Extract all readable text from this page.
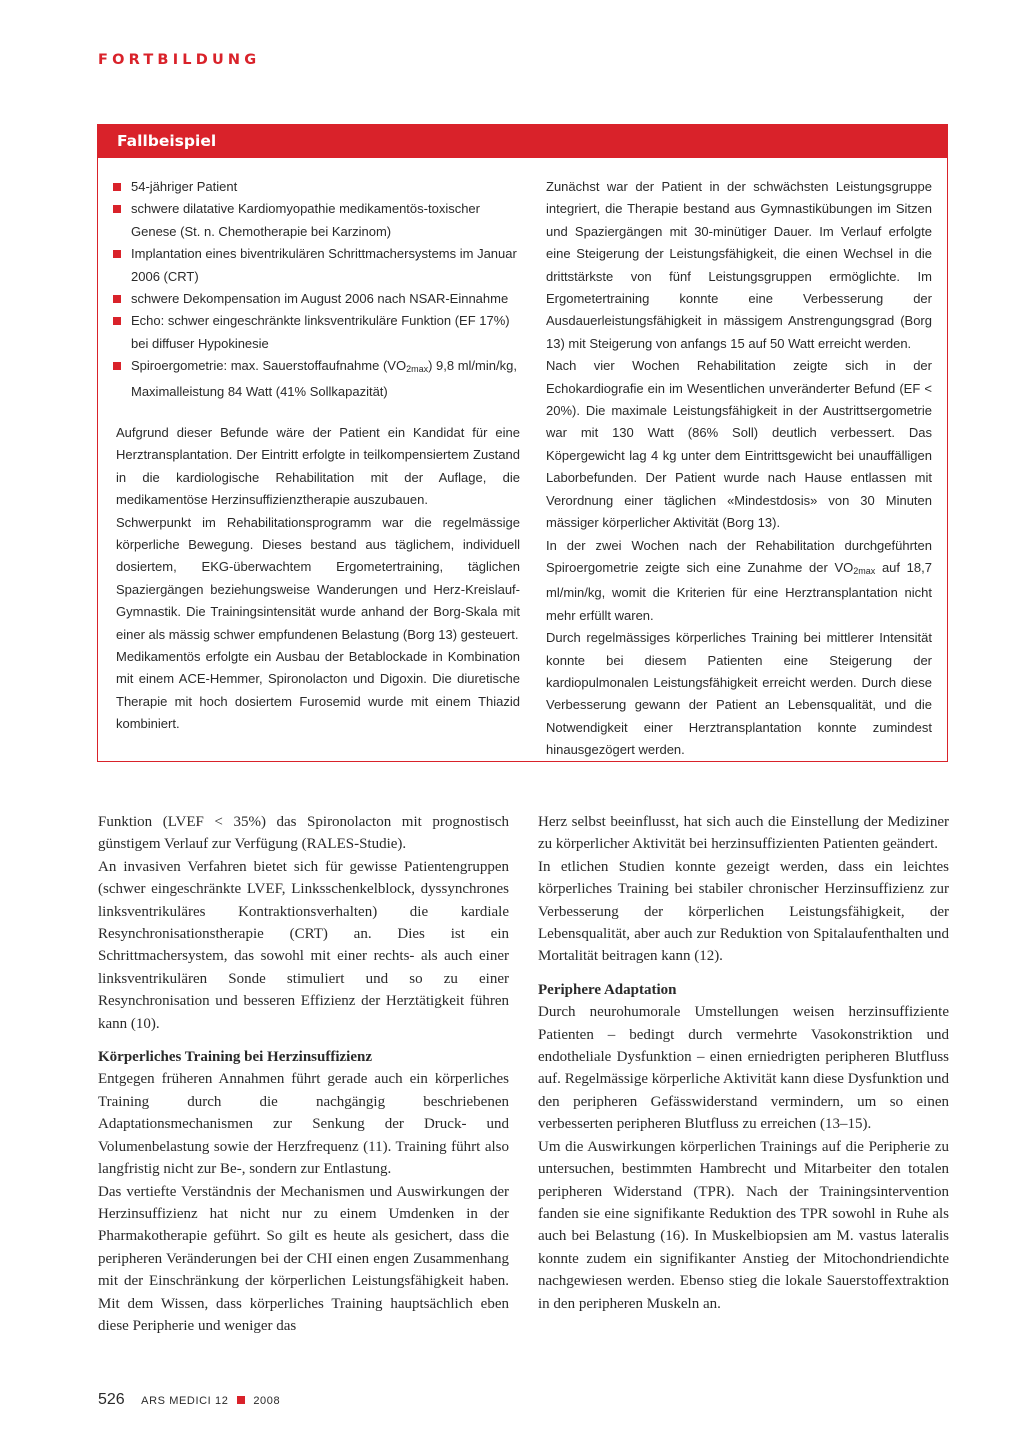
FORTBILDUNG
Fallbeispiel
54-jähriger Patient
schwere dilatative Kardiomyopathie medikamentös-toxischer Genese (St. n. Chemotherapie bei Karzinom)
Implantation eines biventrikulären Schrittmachersystems im Januar 2006 (CRT)
schwere Dekompensation im August 2006 nach NSAR-Einnahme
Echo: schwer eingeschränkte linksventrikuläre Funktion (EF 17%) bei diffuser Hypokinesie
Spiroergometrie: max. Sauerstoffaufnahme $(VO_{2max})$ 9,8 ml/min/kg, Maximalleistung 84 Watt (41% Sollkapazität)

Aufgrund dieser Befunde wäre der Patient ein Kandidat für eine Herztransplantation. Der Eintritt erfolgte in teilkompensiertem Zustand in die kardiologische Rehabilitation mit der Auflage, die medikamentöse Herzinsuffizienztherapie auszubauen.

Schwerpunkt im Rehabilitationsprogramm war die regelmässige körperliche Bewegung. Dieses bestand aus täglichem, individuell dosiertem, EKG-überwachtem Ergometertraining, täglichen Spaziergängen beziehungsweise Wanderungen und Herz-Kreislauf-Gymnastik. Die Trainingsintensität wurde anhand der Borg-Skala mit einer als mässig schwer empfundenen Belastung (Borg 13) gesteuert.

Medikamentös erfolgte ein Ausbau der Betablockade in Kombination mit einem ACE-Hemmer, Spironolacton und Digoxin. Die diuretische Therapie mit hoch dosiertem Furosemid wurde mit einem Thiazid kombiniert.

Zunächst war der Patient in der schwächsten Leistungsgruppe integriert, die Therapie bestand aus Gymnastikübungen im Sitzen und Spaziergängen mit 30-minütiger Dauer. Im Verlauf erfolgte eine Steigerung der Leistungsfähigkeit, die einen Wechsel in die drittstärkste von fünf Leistungsgruppen ermöglichte. Im Ergometertraining konnte eine Verbesserung der Ausdauerleistungsfähigkeit in mässigem Anstrengungsgrad (Borg 13) mit Steigerung von anfangs 15 auf 50 Watt erreicht werden.

Nach vier Wochen Rehabilitation zeigte sich in der Echokardiografie ein im Wesentlichen unveränderter Befund (EF < 20%). Die maximale Leistungsfähigkeit in der Austrittsergometrie war mit 130 Watt (86% Soll) deutlich verbessert. Das Köpergewicht lag 4 kg unter dem Eintrittsgewicht bei unauffälligen Laborbefunden. Der Patient wurde nach Hause entlassen mit Verordnung einer täglichen «Mindestdosis» von 30 Minuten mässiger körperlicher Aktivität (Borg 13).

In der zwei Wochen nach der Rehabilitation durchgeführten Spiroergometrie zeigte sich eine Zunahme der $VO_{2max}$ auf 18,7 ml/min/kg, womit die Kriterien für eine Herztransplantation nicht mehr erfüllt waren.

Durch regelmässiges körperliches Training bei mittlerer Intensität konnte bei diesem Patienten eine Steigerung der kardiopulmonalen Leistungsfähigkeit erreicht werden. Durch diese Verbesserung gewann der Patient an Lebensqualität, und die Notwendigkeit einer Herztransplantation konnte zumindest hinausgezögert werden.

Funktion (LVEF < 35%) das Spironolacton mit prognostisch günstigem Verlauf zur Verfügung (RALES-Studie).

An invasiven Verfahren bietet sich für gewisse Patientengruppen (schwer eingeschränkte LVEF, Linksschenkelblock, dyssynchrones linksventrikuläres Kontraktionsverhalten) die kardiale Resynchronisationstherapie (CRT) an. Dies ist ein Schrittmachersystem, das sowohl mit einer rechts- als auch einer linksventrikulären Sonde stimuliert und so zu einer Resynchronisation und besseren Effizienz der Herztätigkeit führen kann (10).

Körperliches Training bei Herzinsuffizienz

Entgegen früheren Annahmen führt gerade auch ein körperliches Training durch die nachgängig beschriebenen Adaptationsmechanismen zur Senkung der Druck- und Volumenbelastung sowie der Herzfrequenz (11). Training führt also langfristig nicht zur Be-, sondern zur Entlastung.

Das vertiefte Verständnis der Mechanismen und Auswirkungen der Herzinsuffizienz hat nicht nur zu einem Umdenken in der Pharmakotherapie geführt. So gilt es heute als gesichert, dass die peripheren Veränderungen bei der CHI einen engen Zusammenhang mit der Einschränkung der körperlichen Leistungsfähigkeit haben. Mit dem Wissen, dass körperliches Training hauptsächlich eben diese Peripherie und weniger das

Herz selbst beeinflusst, hat sich auch die Einstellung der Mediziner zu körperlicher Aktivität bei herzinsuffizienten Patienten geändert.

In etlichen Studien konnte gezeigt werden, dass ein leichtes körperliches Training bei stabiler chronischer Herzinsuffizienz zur Verbesserung der körperlichen Leistungsfähigkeit, der Lebensqualität, aber auch zur Reduktion von Spitalaufenthalten und Mortalität beitragen kann (12).

Periphere Adaptation

Durch neurohumorale Umstellungen weisen herzinsuffiziente Patienten – bedingt durch vermehrte Vasokonstriktion und endotheliale Dysfunktion – einen erniedrigten peripheren Blutfluss auf. Regelmässige körperliche Aktivität kann diese Dysfunktion und den peripheren Gefässwiderstand vermindern, um so einen verbesserten peripheren Blutfluss zu erreichen (13–15).

Um die Auswirkungen körperlichen Trainings auf die Peripherie zu untersuchen, bestimmten Hambrecht und Mitarbeiter den totalen peripheren Widerstand (TPR). Nach der Trainingsintervention fanden sie eine signifikante Reduktion des TPR sowohl in Ruhe als auch bei Belastung (16). In Muskelbiopsien am M. vastus lateralis konnte zudem ein signifikanter Anstieg der Mitochondriendichte nachgewiesen werden. Ebenso stieg die lokale Sauerstoffextraktion in den peripheren Muskeln an.

526 ARS MEDICI 12 2008
